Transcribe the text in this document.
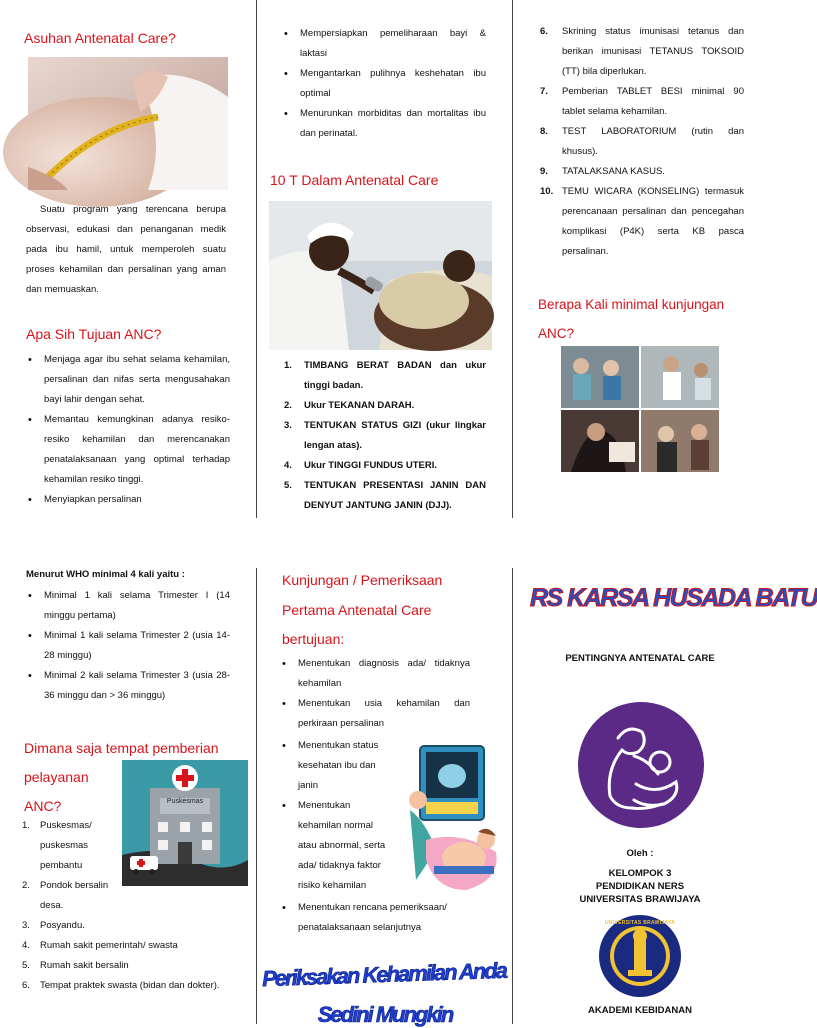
Asuhan Antenatal Care?
Suatu program yang terencana berupa observasi, edukasi dan penanganan medik pada ibu hamil, untuk memperoleh suatu proses kehamilan dan persalinan yang aman dan memuaskan.
Apa Sih Tujuan ANC?
• Menjaga agar ibu sehat selama kehamilan, persalinan dan nifas serta mengusahakan bayi lahir dengan sehat.
• Memantau kemungkinan adanya resiko-resiko kehamilan dan merencanakan penatalaksanaan yang optimal terhadap kehamilan resiko tinggi.
• Menyiapkan persalinan
• Mempersiapkan pemeliharaan bayi & laktasi
• Mengantarkan pulihnya keshehatan ibu optimal
• Menurunkan morbiditas dan mortalitas ibu dan perinatal.
10 T Dalam Antenatal Care
1. TIMBANG BERAT BADAN dan ukur tinggi badan.
2. Ukur TEKANAN DARAH.
3. TENTUKAN STATUS GIZI (ukur lingkar lengan atas).
4. Ukur TINGGI FUNDUS UTERI.
5. TENTUKAN PRESENTASI JANIN DAN DENYUT JANTUNG JANIN (DJJ).
6. Skrining status imunisasi tetanus dan berikan imunisasi TETANUS TOKSOID (TT) bila diperlukan.
7. Pemberian TABLET BESI minimal 90 tablet selama kehamilan.
8. TEST LABORATORIUM (rutin dan khusus).
9. TATALAKSANA KASUS.
10. TEMU WICARA (KONSELING) termasuk perencanaan persalinan dan pencegahan komplikasi (P4K) serta KB pasca persalinan.
Berapa Kali minimal kunjungan
ANC?
Menurut WHO minimal 4 kali yaitu :
• Minimal 1 kali selama Trimester I (14 minggu pertama)
• Minimal 1 kali selama Trimester 2 (usia 14-28 minggu)
• Minimal 2 kali selama Trimester 3 (usia 28-36 minggu dan > 36 minggu)
Dimana saja tempat pemberian
pelayanan
ANC?	Puskesmas
1. Puskesmas/ puskesmas pembantu
2. Pondok bersalin desa.
3. Posyandu.
4. Rumah sakit pemerintah/ swasta
5. Rumah sakit bersalin
6. Tempat praktek swasta (bidan dan dokter).
Kunjungan / Pemeriksaan
Pertama Antenatal Care
bertujuan:
• Menentukan diagnosis ada/ tidaknya kehamilan
• Menentukan usia kehamilan dan perkiraan persalinan
• Menentukan status kesehatan ibu dan janin
• Menentukan kehamilan normal atau abnormal, serta ada/ tidaknya faktor risiko kehamilan
• Menentukan rencana pemeriksaan/ penatalaksanaan selanjutnya
Periksakan Kehamilan Anda
Sedini Mungkin
RS KARSA HUSADA BATU
PENTINGNYA ANTENATAL CARE
Oleh :
KELOMPOK 3
PENDIDIKAN NERS
UNIVERSITAS BRAWIJAYA
UNIVERSITAS BRAWIJAYA
AKADEMI KEBIDANAN
